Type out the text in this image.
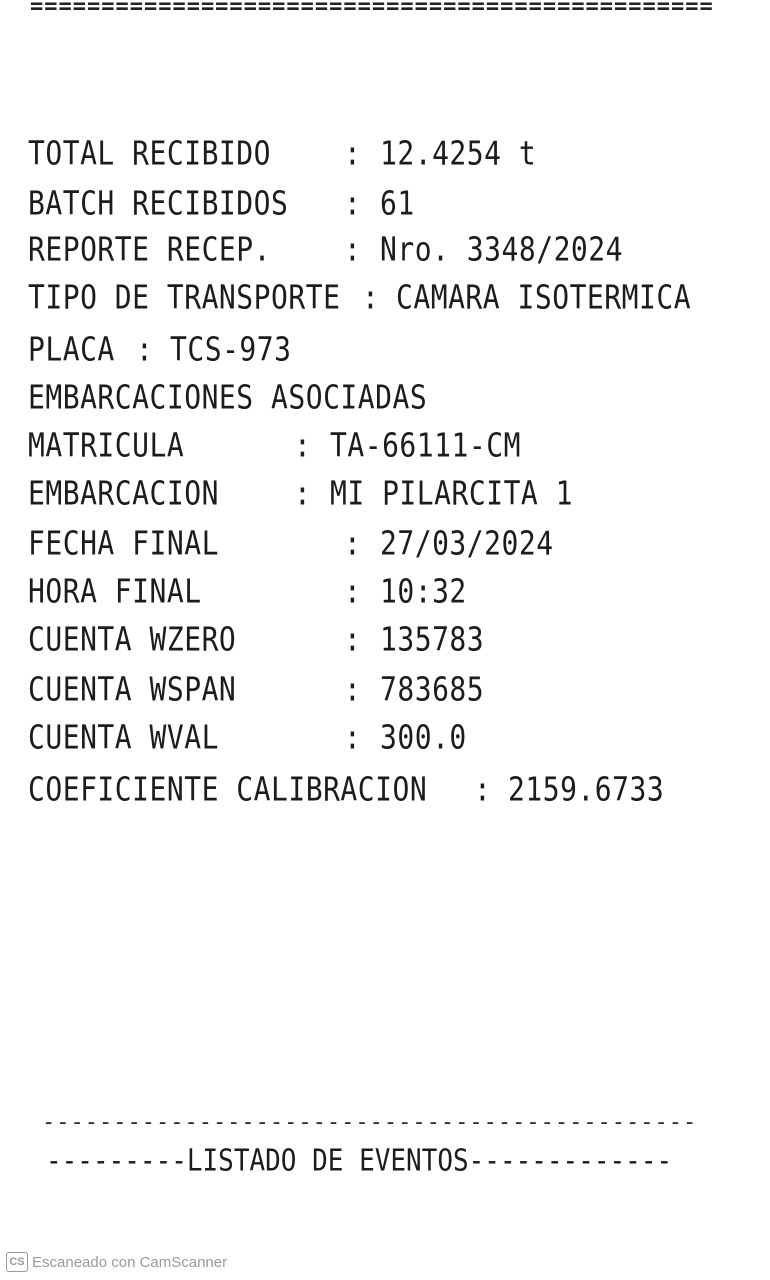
================================================
TOTAL RECIBIDO	: 12.4254 t
BATCH RECIBIDOS : 61
REPORTE RECEP.	: Nro. 3348/2024
TIPO DE TRANSPORTE : CAMARA ISOTERMICA
PLACA : TCS-973
EMBARCACIONES ASOCIADAS
MATRICULA	: TA-66111-CM
EMBARCACION	: MI PILARCITA 1
FECHA FINAL	: 27/03/2024
HORA FINAL	: 10:32
CUENTA WZERO	: 135783
CUENTA WSPAN	: 783685
CUENTA WVAL	: 300.0
COEFICIENTE CALIBRACION : 2159.6733
----------------------------------------------
---------LISTADO DE EVENTOS-------------
CS Escaneado con CamScanner
